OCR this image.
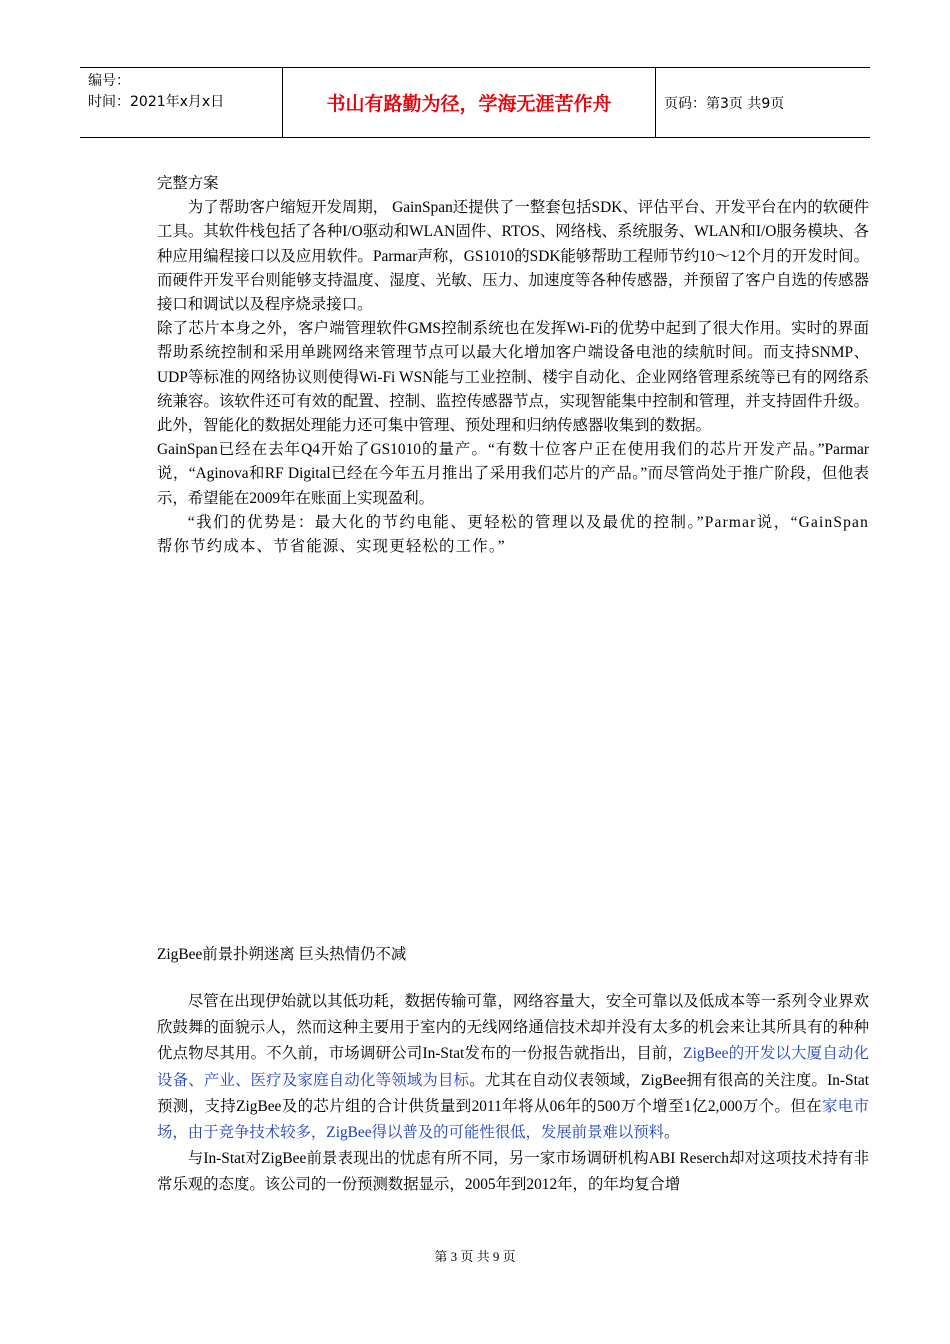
编号：
时间：2021年x月x日	书山有路勤为径，学海无涯苦作舟	页码：第3页 共9页

完整方案

为了帮助客户缩短开发周期， GainSpan还提供了一整套包括SDK、评估平台、开发平台在内的软硬件工具。其软件栈包括了各种I/O驱动和WLAN固件、RTOS、网络栈、系统服务、WLAN和I/O服务模块、各种应用编程接口以及应用软件。Parmar声称，GS1010的SDK能够帮助工程师节约10～12个月的开发时间。而硬件开发平台则能够支持温度、湿度、光敏、压力、加速度等各种传感器，并预留了客户自选的传感器接口和调试以及程序烧录接口。

除了芯片本身之外，客户端管理软件GMS控制系统也在发挥Wi-Fi的优势中起到了很大作用。实时的界面帮助系统控制和采用单跳网络来管理节点可以最大化增加客户端设备电池的续航时间。而支持SNMP、UDP等标准的网络协议则使得Wi-Fi WSN能与工业控制、楼宇自动化、企业网络管理系统等已有的网络系统兼容。该软件还可有效的配置、控制、监控传感器节点，实现智能集中控制和管理，并支持固件升级。此外，智能化的数据处理能力还可集中管理、预处理和归纳传感器收集到的数据。

GainSpan已经在去年Q4开始了GS1010的量产。“有数十位客户正在使用我们的芯片开发产品。”Parmar说，“Aginova和RF Digital已经在今年五月推出了采用我们芯片的产品。”而尽管尚处于推广阶段，但他表示，希望能在2009年在账面上实现盈利。

“我们的优势是：最大化的节约电能、更轻松的管理以及最优的控制。”Parmar说，“GainSpan帮你节约成本、节省能源、实现更轻松的工作。”

ZigBee前景扑朔迷离 巨头热情仍不减

尽管在出现伊始就以其低功耗，数据传输可靠，网络容量大，安全可靠以及低成本等一系列令业界欢欣鼓舞的面貌示人，然而这种主要用于室内的无线网络通信技术却并没有太多的机会来让其所具有的种种优点物尽其用。不久前，市场调研公司In-Stat发布的一份报告就指出，目前，ZigBee的开发以大厦自动化设备、产业、医疗及家庭自动化等领域为目标。尤其在自动仪表领域，ZigBee拥有很高的关注度。In-Stat预测，支持ZigBee及的芯片组的合计供货量到2011年将从06年的500万个增至1亿2,000万个。但在家电市场，由于竞争技术较多，ZigBee得以普及的可能性很低，发展前景难以预料。

与In-Stat对ZigBee前景表现出的忧虑有所不同，另一家市场调研机构ABI Reserch却对这项技术持有非常乐观的态度。该公司的一份预测数据显示，2005年到2012年，的年均复合增

第 3 页 共 9 页
